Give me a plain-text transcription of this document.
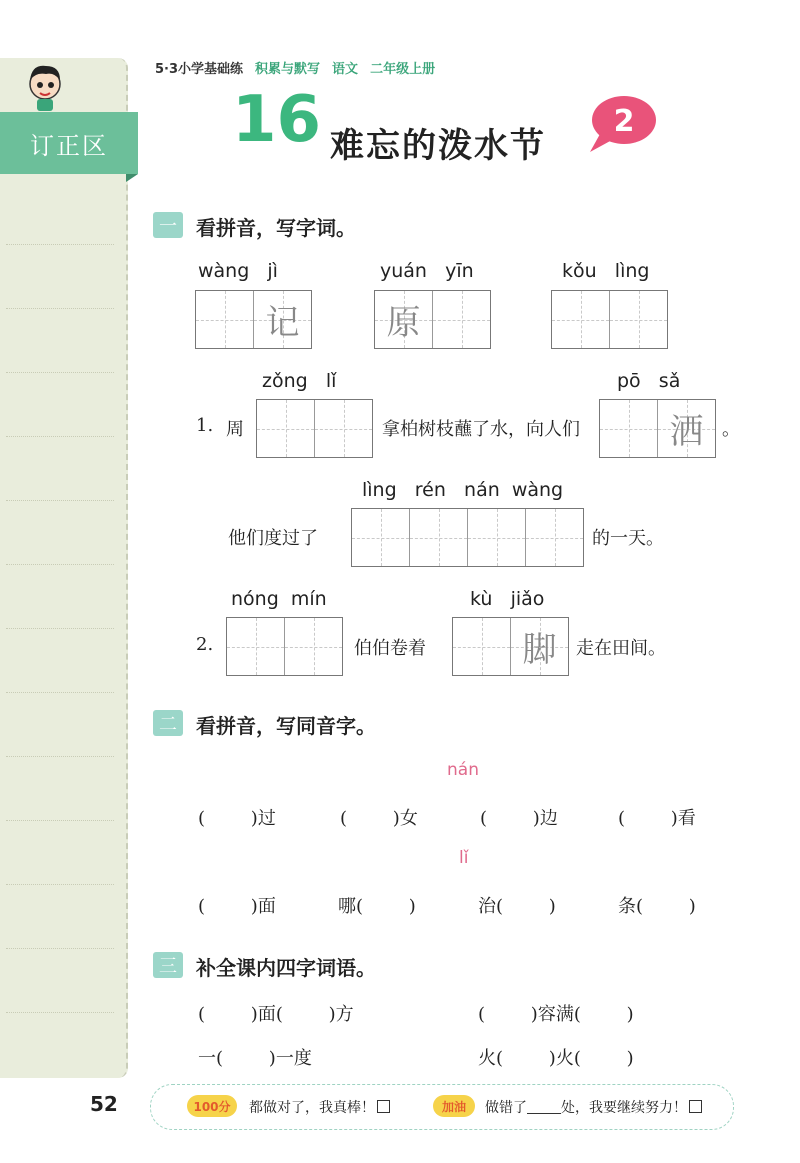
订正区
5·3小学基础练 积累与默写 语文 二年级上册
16 难忘的泼水节
2
一 看拼音，写字词。
wàng   jì
记
yuán   yīn
原
kǒu   lìng
zǒng   lǐ	pō   sǎ
1. 周	拿柏树枝蘸了水，向人们	洒	。
lìng   rén   nán  wàng
他们度过了	的一天。
nóng  mín	kù   jiǎo
2.	伯伯卷着	脚	走在田间。
二 看拼音，写同音字。
nán
(        )过	(        )女	(        )边	(        )看
lǐ
(        )面	哪(        )	治(        )	条(        )
三 补全课内四字词语。
(        )面(        )方	(        )容满(        )
一(        )一度	火(        )火(        )
52	100分	都做对了，我真棒！	加油	做错了 处，我要继续努力！
